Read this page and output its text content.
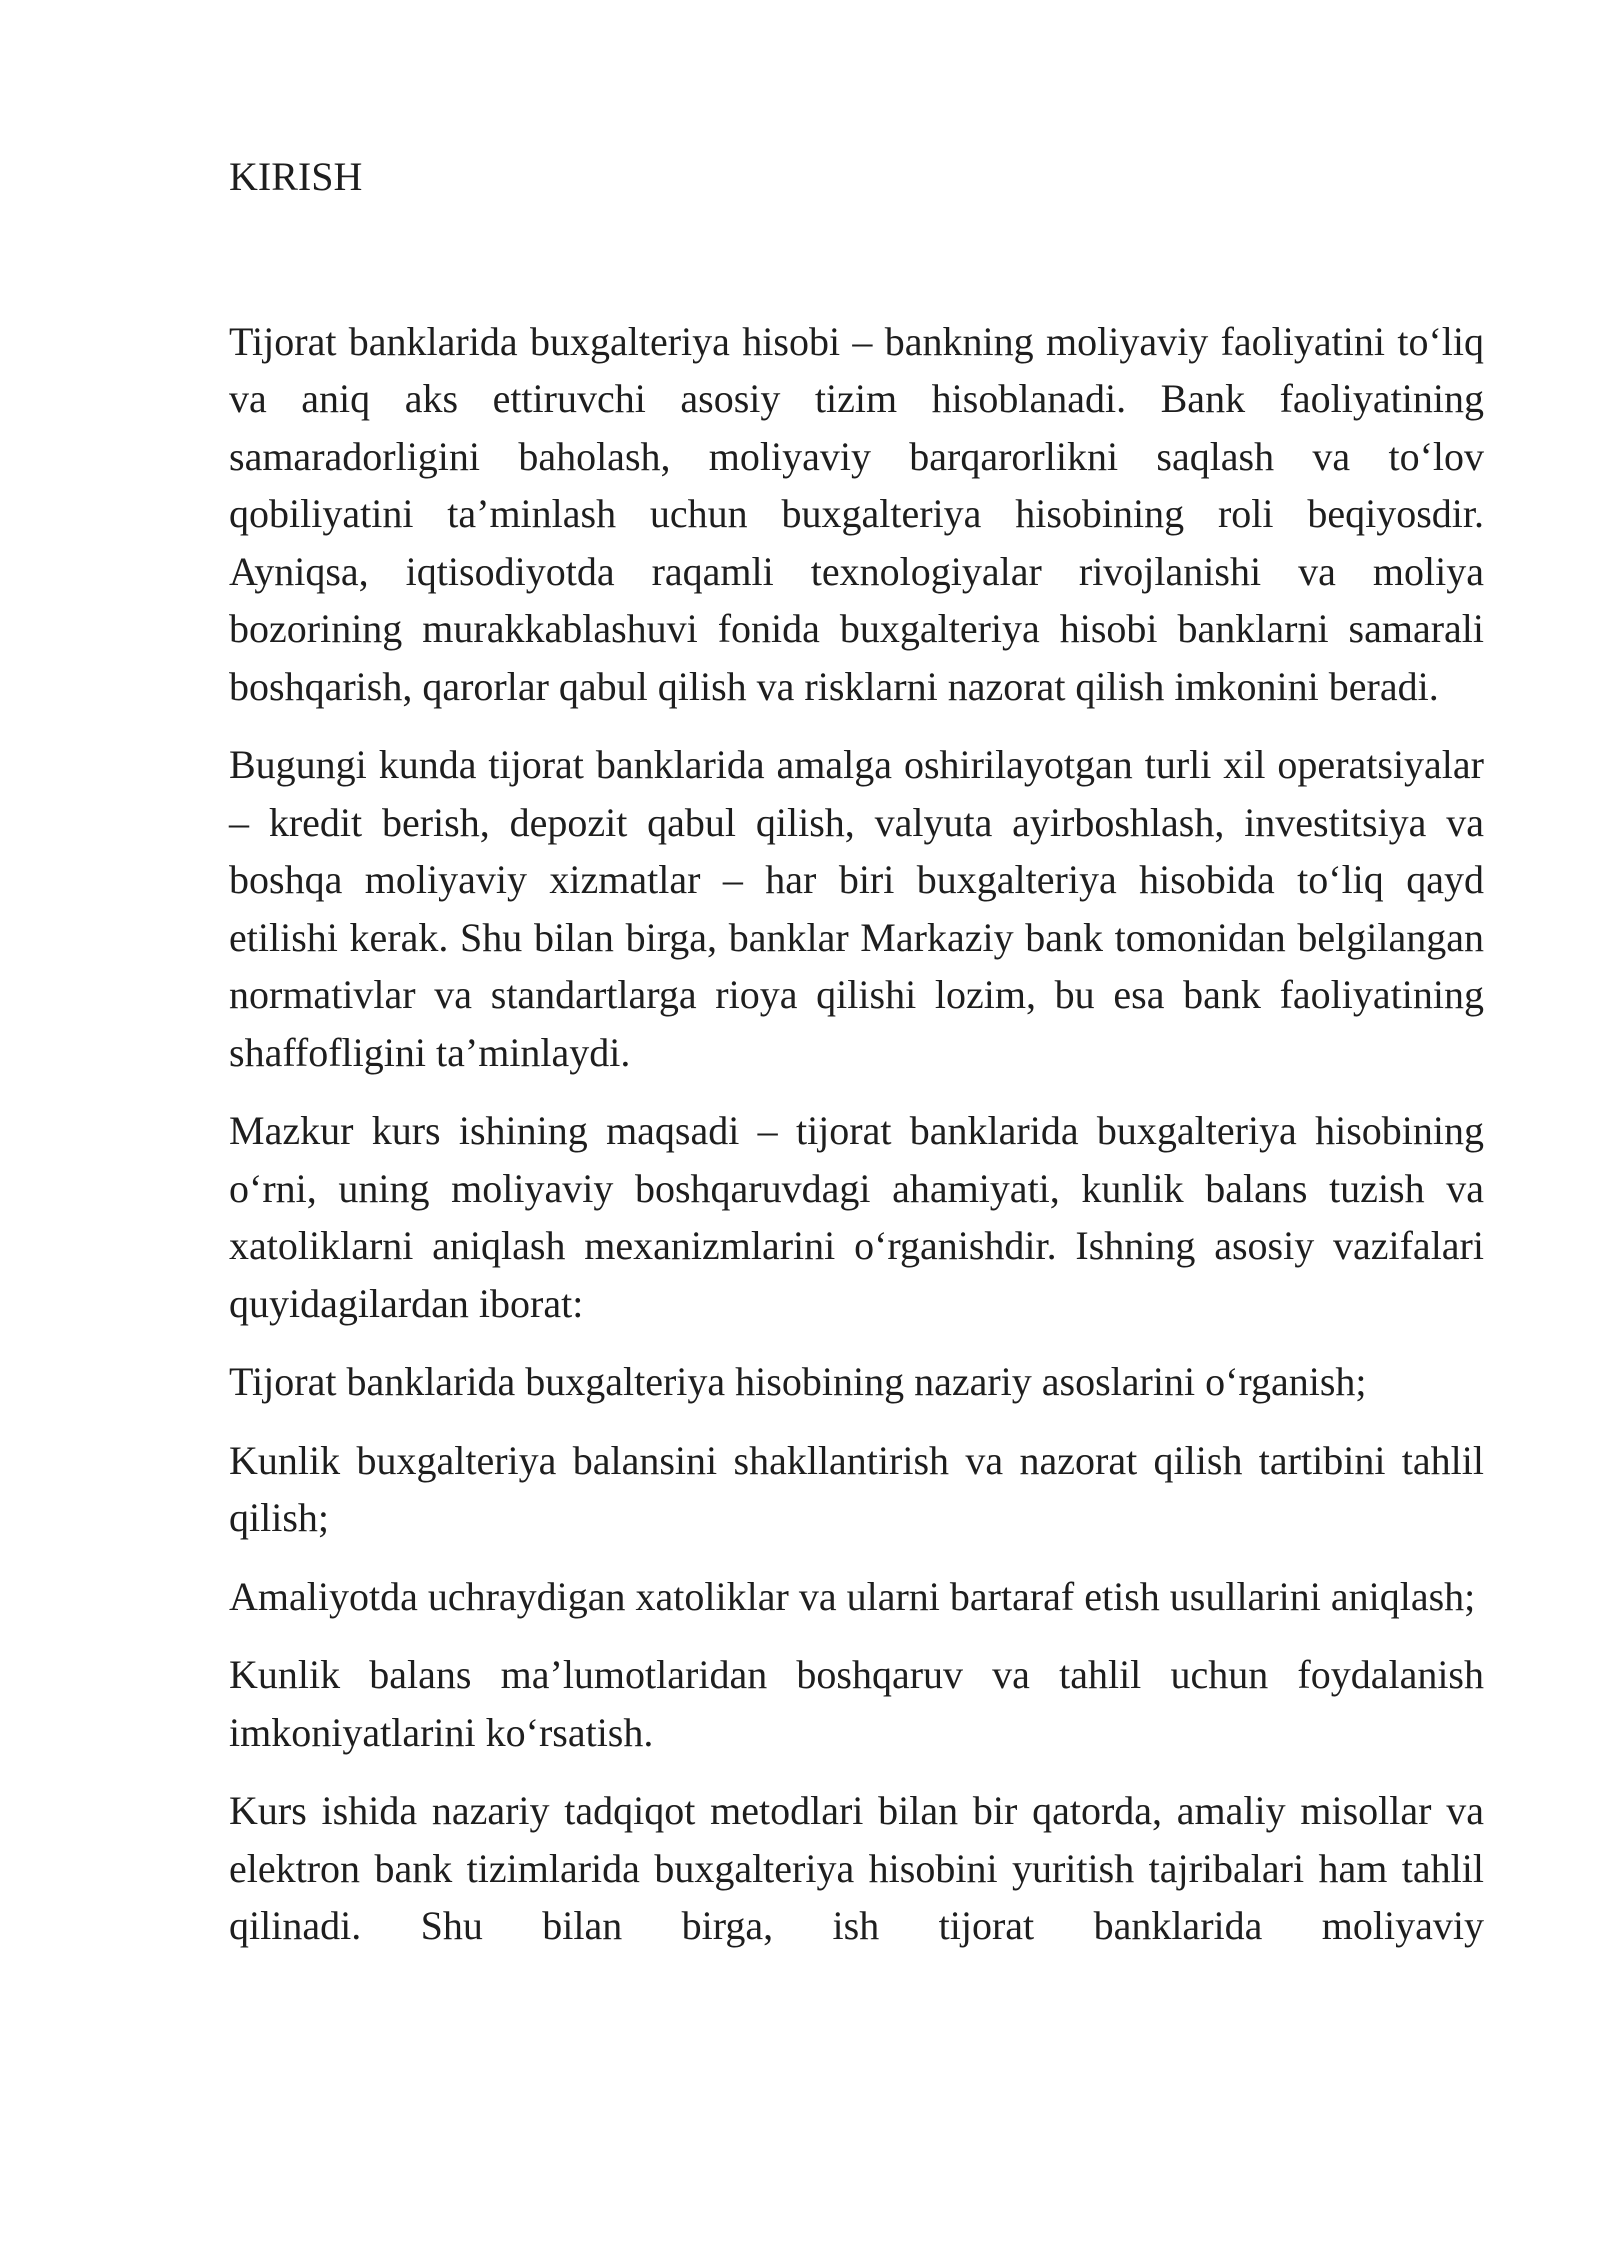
KIRISH

Tijorat banklarida buxgalteriya hisobi – bankning moliyaviy faoliyatini to‘liq va aniq aks ettiruvchi asosiy tizim hisoblanadi. Bank faoliyatining samaradorligini baholash, moliyaviy barqarorlikni saqlash va to‘lov qobiliyatini ta’minlash uchun buxgalteriya hisobining roli beqiyosdir. Ayniqsa, iqtisodiyotda raqamli texnologiyalar rivojlanishi va moliya bozorining murakkablashuvi fonida buxgalteriya hisobi banklarni samarali boshqarish, qarorlar qabul qilish va risklarni nazorat qilish imkonini beradi.

Bugungi kunda tijorat banklarida amalga oshirilayotgan turli xil operatsiyalar – kredit berish, depozit qabul qilish, valyuta ayirboshlash, investitsiya va boshqa moliyaviy xizmatlar – har biri buxgalteriya hisobida to‘liq qayd etilishi kerak. Shu bilan birga, banklar Markaziy bank tomonidan belgilangan normativlar va standartlarga rioya qilishi lozim, bu esa bank faoliyatining shaffofligini ta’minlaydi.

Mazkur kurs ishining maqsadi – tijorat banklarida buxgalteriya hisobining o‘rni, uning moliyaviy boshqaruvdagi ahamiyati, kunlik balans tuzish va xatoliklarni aniqlash mexanizmlarini o‘rganishdir. Ishning asosiy vazifalari quyidagilardan iborat:

Tijorat banklarida buxgalteriya hisobining nazariy asoslarini o‘rganish;

Kunlik buxgalteriya balansini shakllantirish va nazorat qilish tartibini tahlil qilish;

Amaliyotda uchraydigan xatoliklar va ularni bartaraf etish usullarini aniqlash;

Kunlik balans ma’lumotlaridan boshqaruv va tahlil uchun foydalanish imkoniyatlarini ko‘rsatish.

Kurs ishida nazariy tadqiqot metodlari bilan bir qatorda, amaliy misollar va elektron bank tizimlarida buxgalteriya hisobini yuritish tajribalari ham tahlil qilinadi. Shu bilan birga, ish tijorat banklarida moliyaviy
